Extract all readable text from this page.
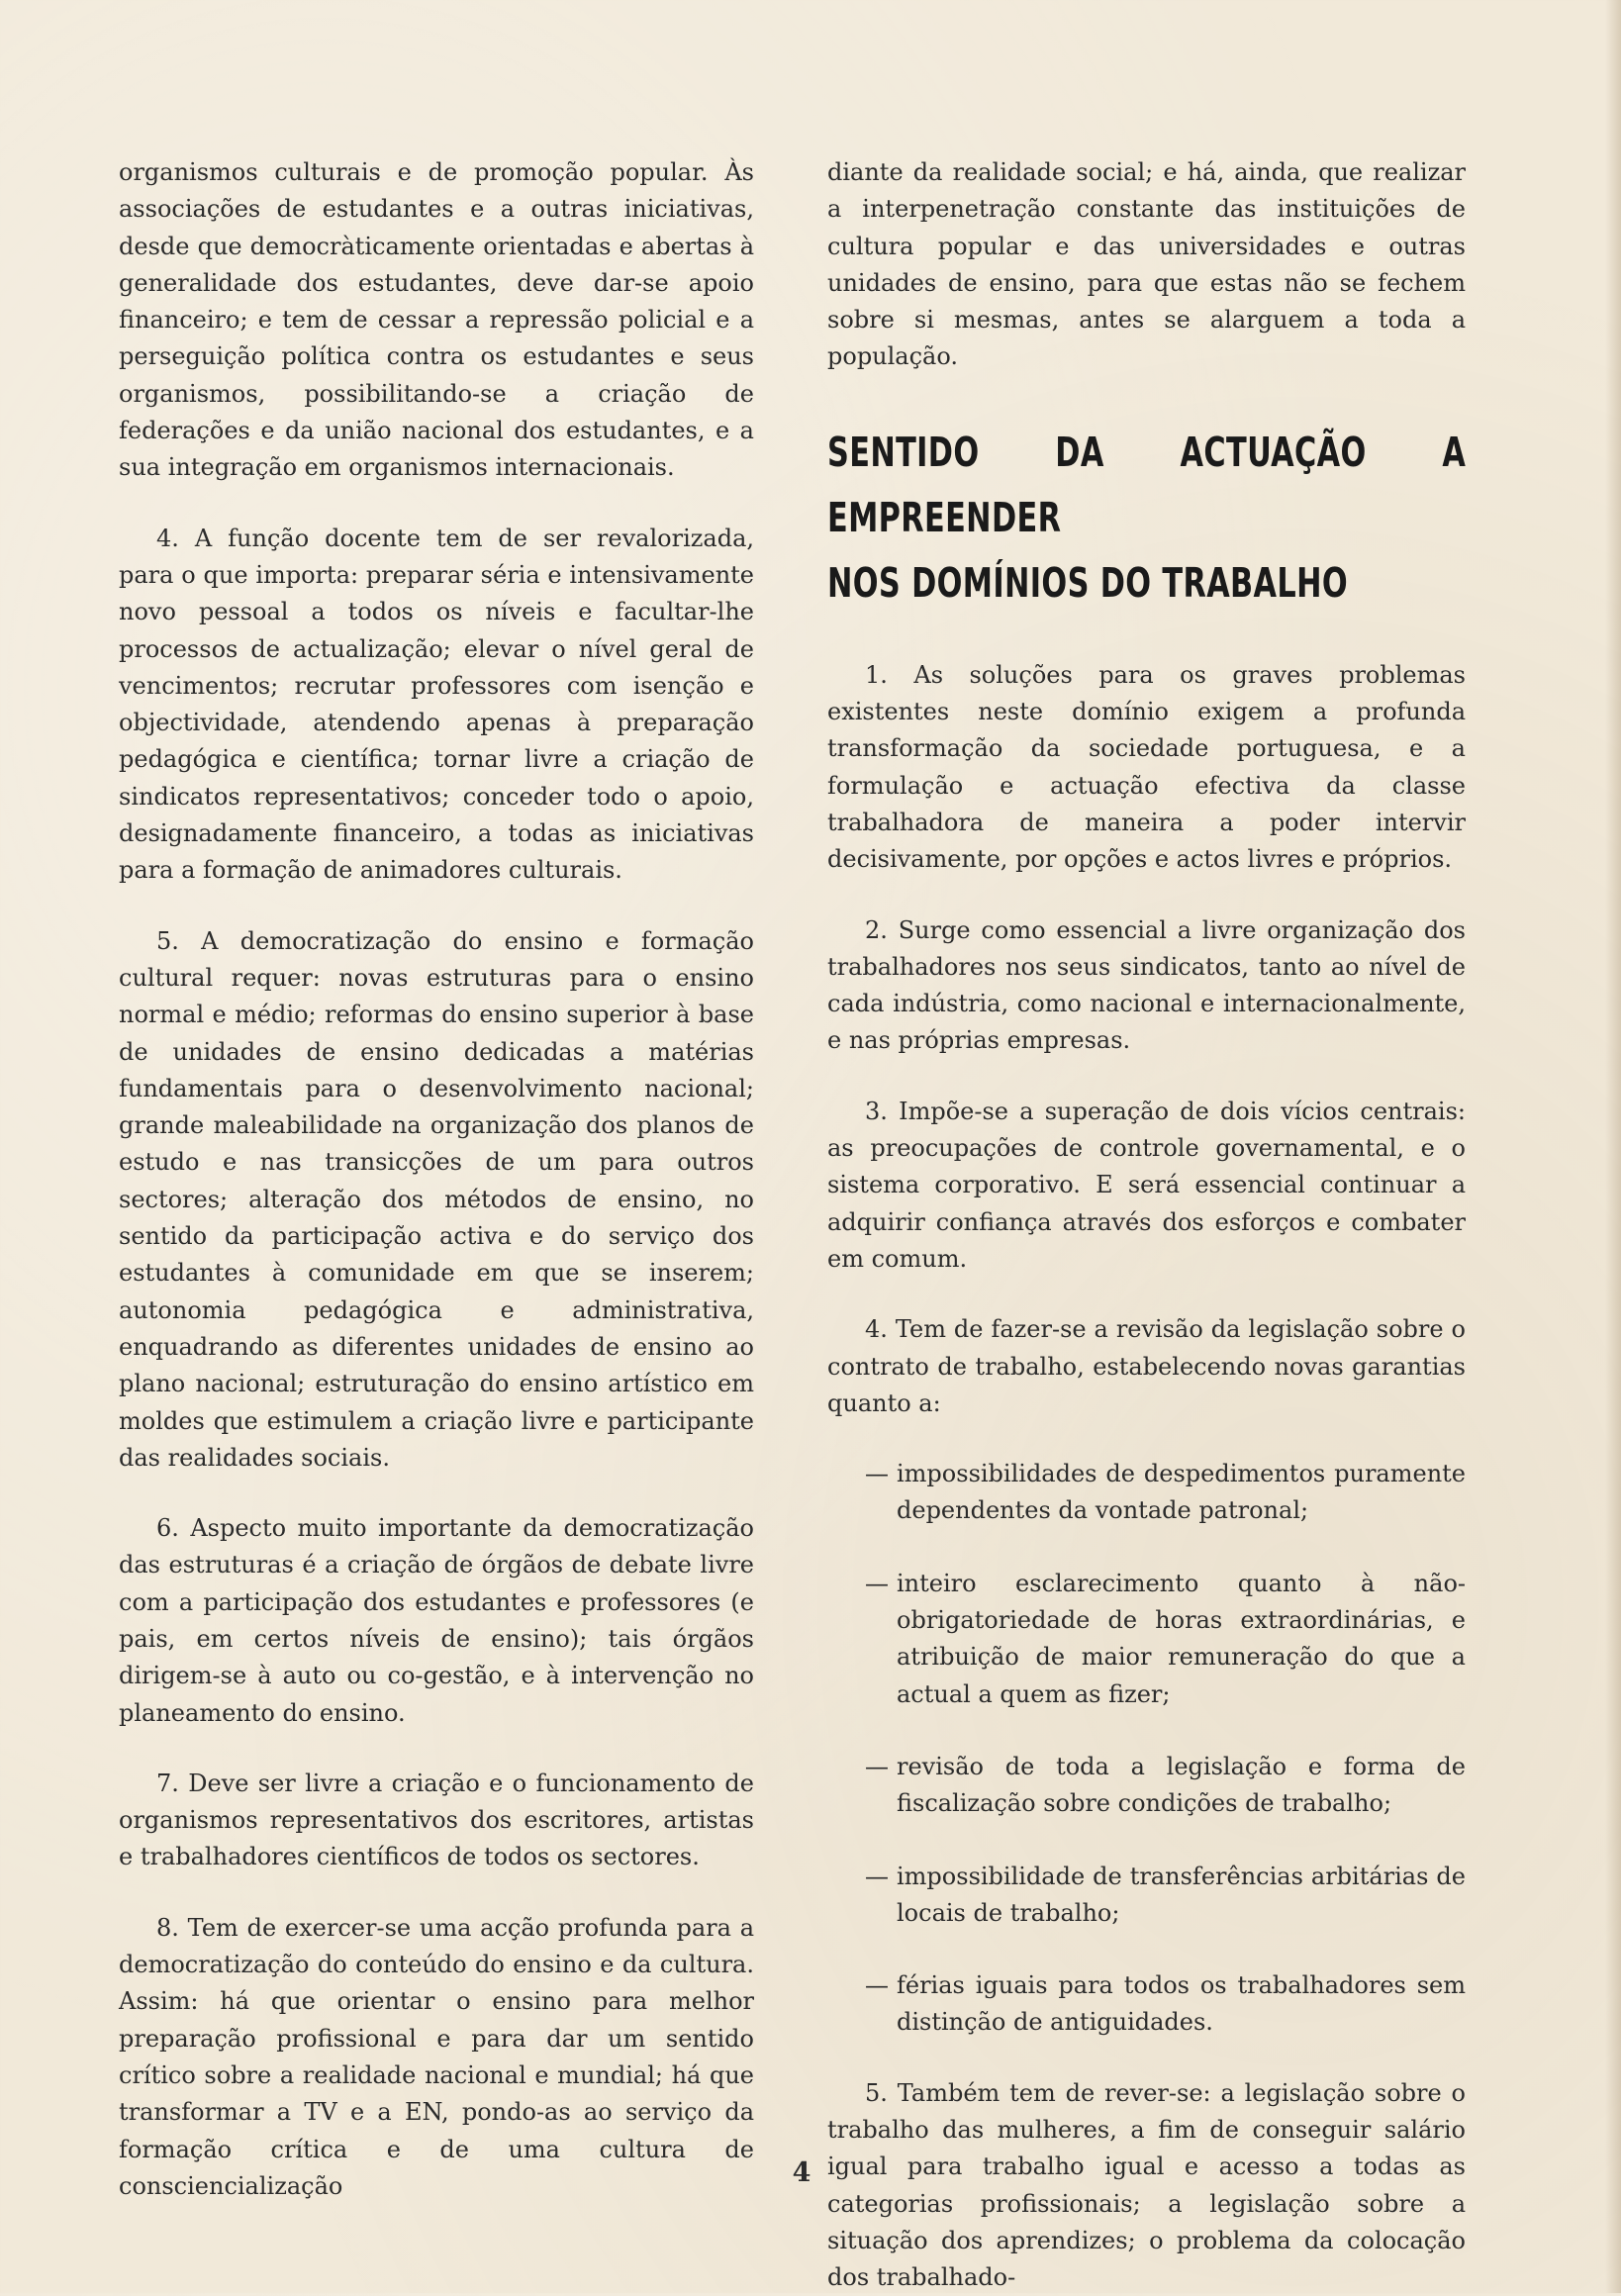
organismos culturais e de promoção popular. Às associações de estudantes e a outras iniciativas, desde que democràticamente orientadas e abertas à generalidade dos estudantes, deve dar-se apoio financeiro; e tem de cessar a repressão policial e a perseguição política contra os estudantes e seus organismos, possibilitando-se a criação de federações e da união nacional dos estudantes, e a sua integração em organismos internacionais.

4. A função docente tem de ser revalorizada, para o que importa: preparar séria e intensivamente novo pessoal a todos os níveis e facultar-lhe processos de actualização; elevar o nível geral de vencimentos; recrutar professores com isenção e objectividade, atendendo apenas à preparação pedagógica e científica; tornar livre a criação de sindicatos representativos; conceder todo o apoio, designadamente financeiro, a todas as iniciativas para a formação de animadores culturais.

5. A democratização do ensino e formação cultural requer: novas estruturas para o ensino normal e médio; reformas do ensino superior à base de unidades de ensino dedicadas a matérias fundamentais para o desenvolvimento nacional; grande maleabilidade na organização dos planos de estudo e nas transicções de um para outros sectores; alteração dos métodos de ensino, no sentido da participação activa e do serviço dos estudantes à comunidade em que se inserem; autonomia pedagógica e administrativa, enquadrando as diferentes unidades de ensino ao plano nacional; estruturação do ensino artístico em moldes que estimulem a criação livre e participante das realidades sociais.

6. Aspecto muito importante da democratização das estruturas é a criação de órgãos de debate livre com a participação dos estudantes e professores (e pais, em certos níveis de ensino); tais órgãos dirigem-se à auto ou co-gestão, e à intervenção no planeamento do ensino.

7. Deve ser livre a criação e o funcionamento de organismos representativos dos escritores, artistas e trabalhadores científicos de todos os sectores.

8. Tem de exercer-se uma acção profunda para a democratização do conteúdo do ensino e da cultura. Assim: há que orientar o ensino para melhor preparação profissional e para dar um sentido crítico sobre a realidade nacional e mundial; há que transformar a TV e a EN, pondo-as ao serviço da formação crítica e de uma cultura de consciencialização

diante da realidade social; e há, ainda, que realizar a interpenetração constante das instituições de cultura popular e das universidades e outras unidades de ensino, para que estas não se fechem sobre si mesmas, antes se alarguem a toda a população.

SENTIDO DA ACTUAÇÃO A EMPREENDER
NOS DOMÍNIOS DO TRABALHO

1. As soluções para os graves problemas existentes neste domínio exigem a profunda transformação da sociedade portuguesa, e a formulação e actuação efectiva da classe trabalhadora de maneira a poder intervir decisivamente, por opções e actos livres e próprios.

2. Surge como essencial a livre organização dos trabalhadores nos seus sindicatos, tanto ao nível de cada indústria, como nacional e internacionalmente, e nas próprias empresas.

3. Impõe-se a superação de dois vícios centrais: as preocupações de controle governamental, e o sistema corporativo. E será essencial continuar a adquirir confiança através dos esforços e combater em comum.

4. Tem de fazer-se a revisão da legislação sobre o contrato de trabalho, estabelecendo novas garantias quanto a:

— impossibilidades de despedimentos puramente dependentes da vontade patronal;
— inteiro esclarecimento quanto à não-obrigatoriedade de horas extraordinárias, e atribuição de maior remuneração do que a actual a quem as fizer;
— revisão de toda a legislação e forma de fiscalização sobre condições de trabalho;
— impossibilidade de transferências arbitárias de locais de trabalho;
— férias iguais para todos os trabalhadores sem distinção de antiguidades.

5. Também tem de rever-se: a legislação sobre o trabalho das mulheres, a fim de conseguir salário igual para trabalho igual e acesso a todas as categorias profissionais; a legislação sobre a situação dos aprendizes; o problema da colocação dos trabalhado-

4
